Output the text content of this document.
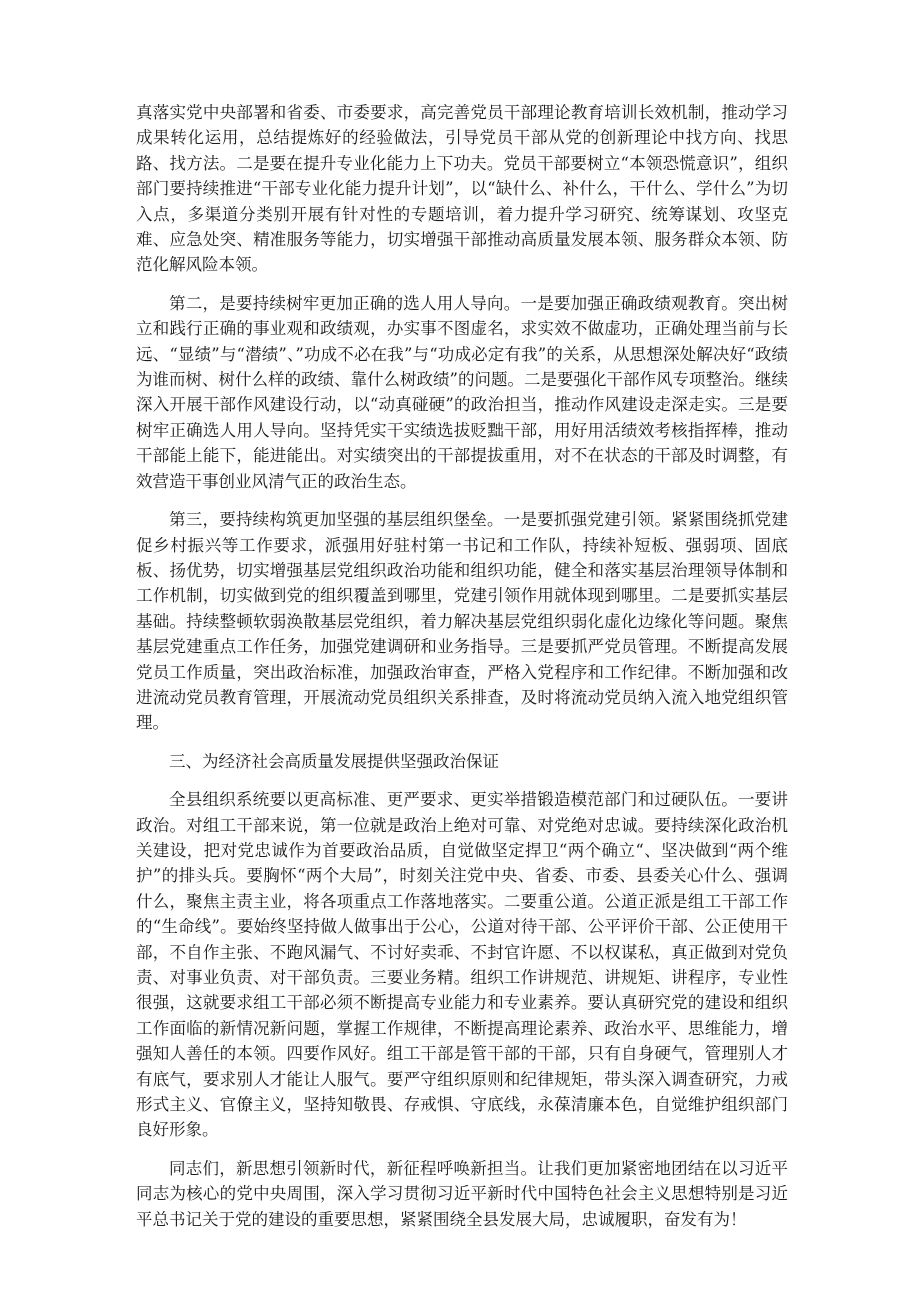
真落实党中央部署和省委、市委要求，高完善党员干部理论教育培训长效机制，推动学习成果转化运用，总结提炼好的经验做法，引导党员干部从党的创新理论中找方向、找思路、找方法。二是要在提升专业化能力上下功夫。党员干部要树立“本领恐慌意识”，组织部门要持续推进“干部专业化能力提升计划”，以“缺什么、补什么，干什么、学什么”为切入点，多渠道分类别开展有针对性的专题培训，着力提升学习研究、统筹谋划、攻坚克难、应急处突、精准服务等能力，切实增强干部推动高质量发展本领、服务群众本领、防范化解风险本领。

第二，是要持续树牢更加正确的选人用人导向。一是要加强正确政绩观教育。突出树立和践行正确的事业观和政绩观，办实事不图虚名，求实效不做虚功，正确处理当前与长远、“显绩”与“潜绩”、”功成不必在我”与“功成必定有我”的关系，从思想深处解决好“政绩为谁而树、树什么样的政绩、靠什么树政绩”的问题。二是要强化干部作风专项整治。继续深入开展干部作风建设行动，以“动真碰硬”的政治担当，推动作风建设走深走实。三是要树牢正确选人用人导向。坚持凭实干实绩选拔贬黜干部，用好用活绩效考核指挥棒，推动干部能上能下，能进能出。对实绩突出的干部提拔重用，对不在状态的干部及时调整，有效营造干事创业风清气正的政治生态。

第三，要持续构筑更加坚强的基层组织堡垒。一是要抓强党建引领。紧紧围绕抓党建促乡村振兴等工作要求，派强用好驻村第一书记和工作队，持续补短板、强弱项、固底板、扬优势，切实增强基层党组织政治功能和组织功能，健全和落实基层治理领导体制和工作机制，切实做到党的组织覆盖到哪里，党建引领作用就体现到哪里。二是要抓实基层基础。持续整顿软弱涣散基层党组织，着力解决基层党组织弱化虚化边缘化等问题。聚焦基层党建重点工作任务，加强党建调研和业务指导。三是要抓严党员管理。不断提高发展党员工作质量，突出政治标准，加强政治审查，严格入党程序和工作纪律。不断加强和改进流动党员教育管理，开展流动党员组织关系排查，及时将流动党员纳入流入地党组织管理。

三、为经济社会高质量发展提供坚强政治保证

全县组织系统要以更高标准、更严要求、更实举措锻造模范部门和过硬队伍。一要讲政治。对组工干部来说，第一位就是政治上绝对可靠、对党绝对忠诚。要持续深化政治机关建设，把对党忠诚作为首要政治品质，自觉做坚定捍卫“两个确立“、坚决做到“两个维护”的排头兵。要胸怀“两个大局”，时刻关注党中央、省委、市委、县委关心什么、强调什么，聚焦主责主业，将各项重点工作落地落实。二要重公道。公道正派是组工干部工作的“生命线”。要始终坚持做人做事出于公心，公道对待干部、公平评价干部、公正使用干部，不自作主张、不跑风漏气、不讨好卖乖、不封官许愿、不以权谋私，真正做到对党负责、对事业负责、对干部负责。三要业务精。组织工作讲规范、讲规矩、讲程序，专业性很强，这就要求组工干部必须不断提高专业能力和专业素养。要认真研究党的建设和组织工作面临的新情况新问题，掌握工作规律，不断提高理论素养、政治水平、思维能力，增强知人善任的本领。四要作风好。组工干部是管干部的干部，只有自身硬气，管理别人才有底气，要求别人才能让人服气。要严守组织原则和纪律规矩，带头深入调查研究，力戒形式主义、官僚主义，坚持知敬畏、存戒惧、守底线，永葆清廉本色，自觉维护组织部门良好形象。

同志们，新思想引领新时代，新征程呼唤新担当。让我们更加紧密地团结在以习近平同志为核心的党中央周围，深入学习贯彻习近平新时代中国特色社会主义思想特别是习近平总书记关于党的建设的重要思想，紧紧围绕全县发展大局，忠诚履职，奋发有为！
